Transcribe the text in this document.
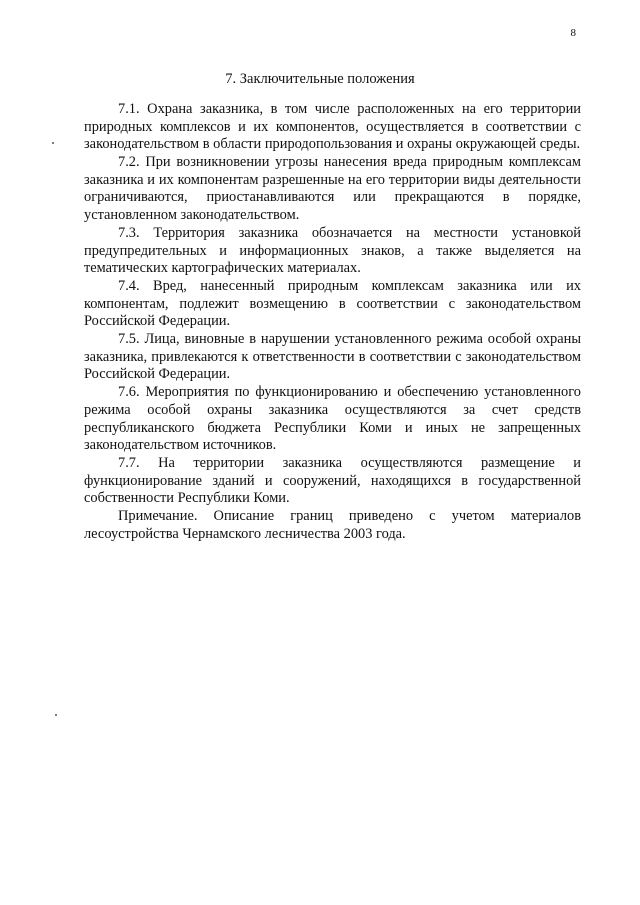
8
7. Заключительные положения

7.1. Охрана заказника, в том числе расположенных на его территории природных комплексов и их компонентов, осуществляется в соответствии с законодательством в области природопользования и охраны окружающей среды.

7.2. При возникновении угрозы нанесения вреда природным комплексам заказника и их компонентам разрешенные на его территории виды деятельности ограничиваются, приостанавливаются или прекращаются в порядке, установленном законодательством.

7.3. Территория заказника обозначается на местности установкой предупредительных и информационных знаков, а также выделяется на тематических картографических материалах.

7.4. Вред, нанесенный природным комплексам заказника или их компонентам, подлежит возмещению в соответствии с законодательством Российской Федерации.

7.5. Лица, виновные в нарушении установленного режима особой охраны заказника, привлекаются к ответственности в соответствии с законодательством Российской Федерации.

7.6. Мероприятия по функционированию и обеспечению установленного режима особой охраны заказника осуществляются за счет средств республиканского бюджета Республики Коми и иных не запрещенных законодательством источников.

7.7. На территории заказника осуществляются размещение и функционирование зданий и сооружений, находящихся в государственной собственности Республики Коми.

Примечание. Описание границ приведено с учетом материалов лесоустройства Чернамского лесничества 2003 года.
